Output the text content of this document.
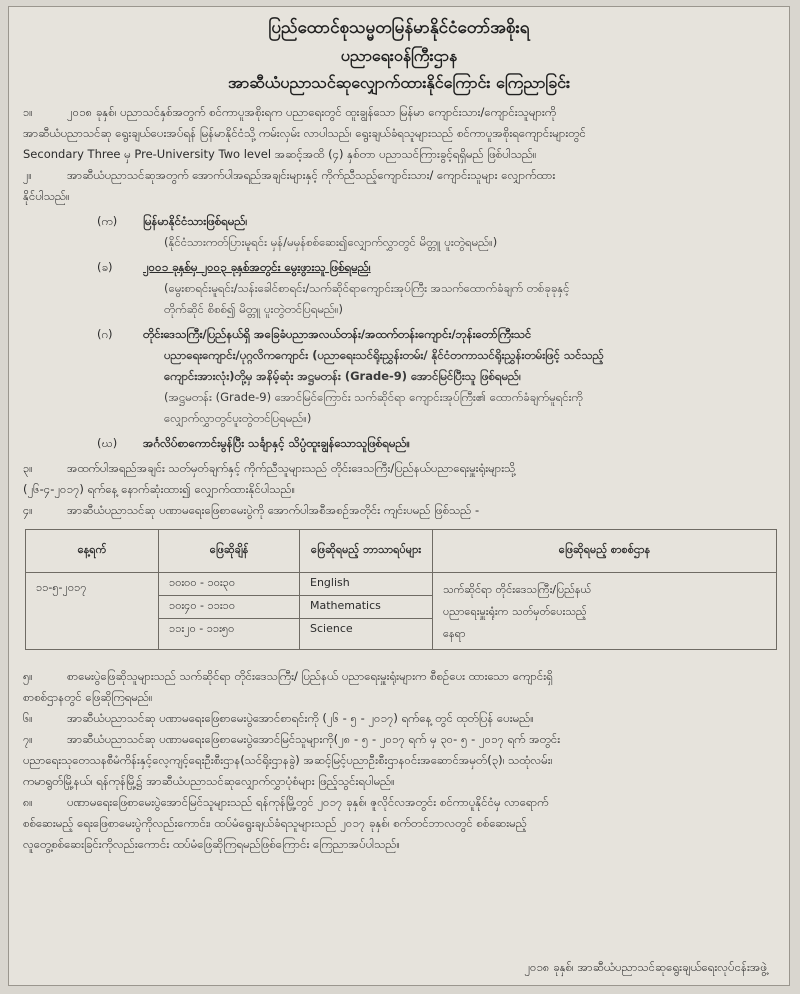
ပြည်ထောင်စုသမ္မတမြန်မာနိုင်ငံတော်အစိုးရ
ပညာရေးဝန်ကြီးဌာန
အာဆီယံပညာသင်ဆုလျှောက်ထားနိုင်ကြောင်း ကြေညာခြင်း

၁။	၂၀၁၈ ခုနှစ်၊ ပညာသင်နှစ်အတွက် စင်ကာပူအစိုးရက ပညာရေးတွင် ထူးချွန်သော မြန်မာ ကျောင်းသား/ကျောင်းသူများကို

အာဆီယံပညာသင်ဆု ရွေးချယ်ပေးအပ်ရန် မြန်မာနိုင်ငံသို့ ကမ်းလှမ်း လာပါသည်၊ ရွေးချယ်ခံရသူများသည် စင်ကာပူအစိုးရကျောင်းများတွင်

Secondary Three မှ Pre-University Two level အဆင့်အထိ (၄) နှစ်တာ ပညာသင်ကြားခွင့်ရရှိမည် ဖြစ်ပါသည်။

၂။	အာဆီယံပညာသင်ဆုအတွက် အောက်ပါအရည်အချင်းများနှင့် ကိုက်ညီသည့်ကျောင်းသား/ ကျောင်းသူများ လျှောက်ထား

နိုင်ပါသည်။

(က) မြန်မာနိုင်ငံသားဖြစ်ရမည်၊
(နိုင်ငံသားကတ်ပြားမူရင်း မှန်/မမှန်စစ်ဆေး၍လျှောက်လွှာတွင် မိတ္တူ ပူးတွဲရမည်။)
(ခ)	၂၀၀၁ ခုနှစ်မှ ၂၀၀၃ ခုနှစ်အတွင်း မွေးဖွားသူ ဖြစ်ရမည်၊
(မွေးစာရင်းမူရင်း/သန်းခေါင်စာရင်း/သက်ဆိုင်ရာကျောင်းအုပ်ကြီး အသက်ထောက်ခံချက် တစ်ခုခုနှင့်
တိုက်ဆိုင် စိစစ်၍ မိတ္တူ ပူးတွဲတင်ပြရမည်။)
(ဂ)	တိုင်းဒေသကြီး/ပြည်နယ်ရှိ အခြေခံပညာအလယ်တန်း/အထက်တန်းကျောင်း/ဘုန်းတော်ကြီးသင်
ပညာရေးကျောင်း/ပုဂ္ဂလိကကျောင်း (ပညာရေးသင်ရိုးညွှန်းတမ်း/ နိုင်ငံတကာသင်ရိုးညွှန်းတမ်းဖြင့် သင်သည့်
ကျောင်းအားလုံး)တို့မှ အနိမ့်ဆုံး အဋ္ဌမတန်း (Grade-9) အောင်မြင်ပြီးသူ ဖြစ်ရမည်၊
(အဋ္ဌမတန်း (Grade-9) အောင်မြင်ကြောင်း သက်ဆိုင်ရာ ကျောင်းအုပ်ကြီး၏ ထောက်ခံချက်မူရင်းကို
လျှောက်လွှာတွင်ပူးတွဲတင်ပြရမည်။)
(ဃ) အင်္ဂလိပ်စာကောင်းမွန်ပြီး သင်္ချာနှင့် သိပ္ပံထူးချွန်သောသူဖြစ်ရမည်။

၃။	အထက်ပါအရည်အချင်း သတ်မှတ်ချက်နှင့် ကိုက်ညီသူများသည် တိုင်းဒေသကြီး/ပြည်နယ်ပညာရေးမှူးရုံးများသို့

(၂၆-၄-၂၀၁၇) ရက်နေ့ နောက်ဆုံးထား၍ လျှောက်ထားနိုင်ပါသည်။

၄။	အာဆီယံပညာသင်ဆု ပဏာမရေးဖြေစာမေးပွဲကို အောက်ပါအစီအစဉ်အတိုင်း ကျင်းပမည် ဖြစ်သည် -

နေ့ရက်	ဖြေဆိုချိန်	ဖြေဆိုရမည့် ဘာသာရပ်များ	ဖြေဆိုရမည့် စာစစ်ဌာန
၁၁-၅-၂၀၁၇	၁၀း၀၀ - ၁၀း၃၀	English	သက်ဆိုင်ရာ တိုင်းဒေသကြီး/ပြည်နယ်
ပညာရေးမှူးရုံးက သတ်မှတ်ပေးသည့်
နေရာ

	၁၀း၄၀ - ၁၁း၁၀	Mathematics	
	၁၁း၂၀ - ၁၁း၅၀	Science	

၅။	စာမေးပွဲဖြေဆိုသူများသည် သက်ဆိုင်ရာ တိုင်းဒေသကြီး/ ပြည်နယ် ပညာရေးမှူးရုံးများက စီစဉ်ပေး ထားသော ကျောင်းရှိ

စာစစ်ဌာနတွင် ဖြေဆိုကြရမည်။

၆။	အာဆီယံပညာသင်ဆု ပဏာမရေးဖြေစာမေးပွဲအောင်စာရင်းကို (၂၆ - ၅ - ၂၀၁၇) ရက်နေ့ တွင် ထုတ်ပြန် ပေးမည်။

၇။	အာဆီယံပညာသင်ဆု ပဏာမရေးဖြေစာမေးပွဲအောင်မြင်သူများကို(၂၈ - ၅ - ၂၀၁၇ ရက် မှ ၃၀- ၅ - ၂၀၁၇ ရက် အတွင်း

ပညာရေးသုတေသနစီမံကိန်းနှင့်လေ့ကျင့်ရေးဦးစီးဌာန(သင်ရိုးဌာနခွဲ) အဆင့်မြင့်ပညာဦးစီးဌာနဝင်းအဆောင်အမှတ်(၃)၊ သထုံလမ်း၊

ကမာရွတ်မြို့နယ်၊ ရန်ကုန်မြို့၌ အာဆီယံပညာသင်ဆုလျှောက်လွှာပုံစံများ ဖြည့်သွင်းရပါမည်။

၈။	ပဏာမရေးဖြေစာမေးပွဲအောင်မြင်သူများသည် ရန်ကုန်မြို့တွင် ၂၀၁၇ ခုနှစ်၊ ဇူလိုင်လအတွင်း စင်ကာပူနိုင်ငံမှ လာရောက်

စစ်ဆေးမည့် ရေးဖြေစာမေးပွဲကိုလည်းကောင်း၊ ထပ်မံရွေးချယ်ခံရသူများသည် ၂၀၁၇ ခုနှစ်၊ စက်တင်ဘာလတွင် စစ်ဆေးမည့်

လူတွေ့စစ်ဆေးခြင်းကိုလည်းကောင်း ထပ်မံဖြေဆိုကြရမည်ဖြစ်ကြောင်း ကြေညာအပ်ပါသည်။

၂၀၁၈ ခုနှစ်၊ အာဆီယံပညာသင်ဆုရွေးချယ်ရေးလုပ်ငန်းအဖွဲ့
